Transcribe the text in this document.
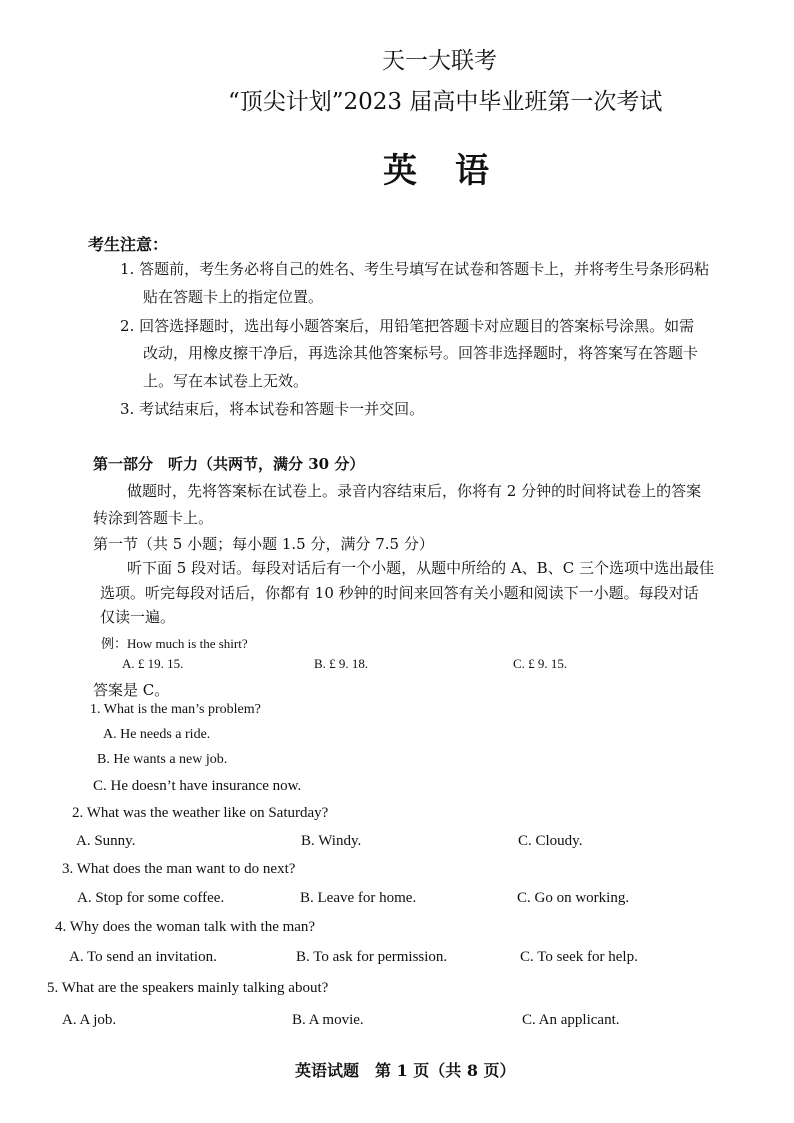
天一大联考
“顶尖计划”2023 届高中毕业班第一次考试
英　语
考生注意：
1. 答题前，考生务必将自己的姓名、考生号填写在试卷和答题卡上，并将考生号条形码粘
贴在答题卡上的指定位置。
2. 回答选择题时，选出每小题答案后，用铅笔把答题卡对应题目的答案标号涂黑。如需
改动，用橡皮擦干净后，再选涂其他答案标号。回答非选择题时，将答案写在答题卡
上。写在本试卷上无效。
3. 考试结束后，将本试卷和答题卡一并交回。
第一部分　听力（共两节，满分 30 分）
做题时，先将答案标在试卷上。录音内容结束后，你将有 2 分钟的时间将试卷上的答案
转涂到答题卡上。
第一节（共 5 小题；每小题 1.5 分，满分 7.5 分）
听下面 5 段对话。每段对话后有一个小题，从题中所给的 A、B、C 三个选项中选出最佳
选项。听完每段对话后，你都有 10 秒钟的时间来回答有关小题和阅读下一小题。每段对话
仅读一遍。
例：How much is the shirt?
A. £ 19. 15.	B. £ 9. 18.	C. £ 9. 15.
答案是 C。
1. What is the man’s problem?
A. He needs a ride.
B. He wants a new job.
C. He doesn’t have insurance now.
2. What was the weather like on Saturday?
A. Sunny.	B. Windy.	C. Cloudy.
3. What does the man want to do next?
A. Stop for some coffee.	B. Leave for home.	C. Go on working.
4. Why does the woman talk with the man?
A. To send an invitation.	B. To ask for permission.	C. To seek for help.
5. What are the speakers mainly talking about?
A. A job.	B. A movie.	C. An applicant.
英语试题　第 1 页（共 8 页）
